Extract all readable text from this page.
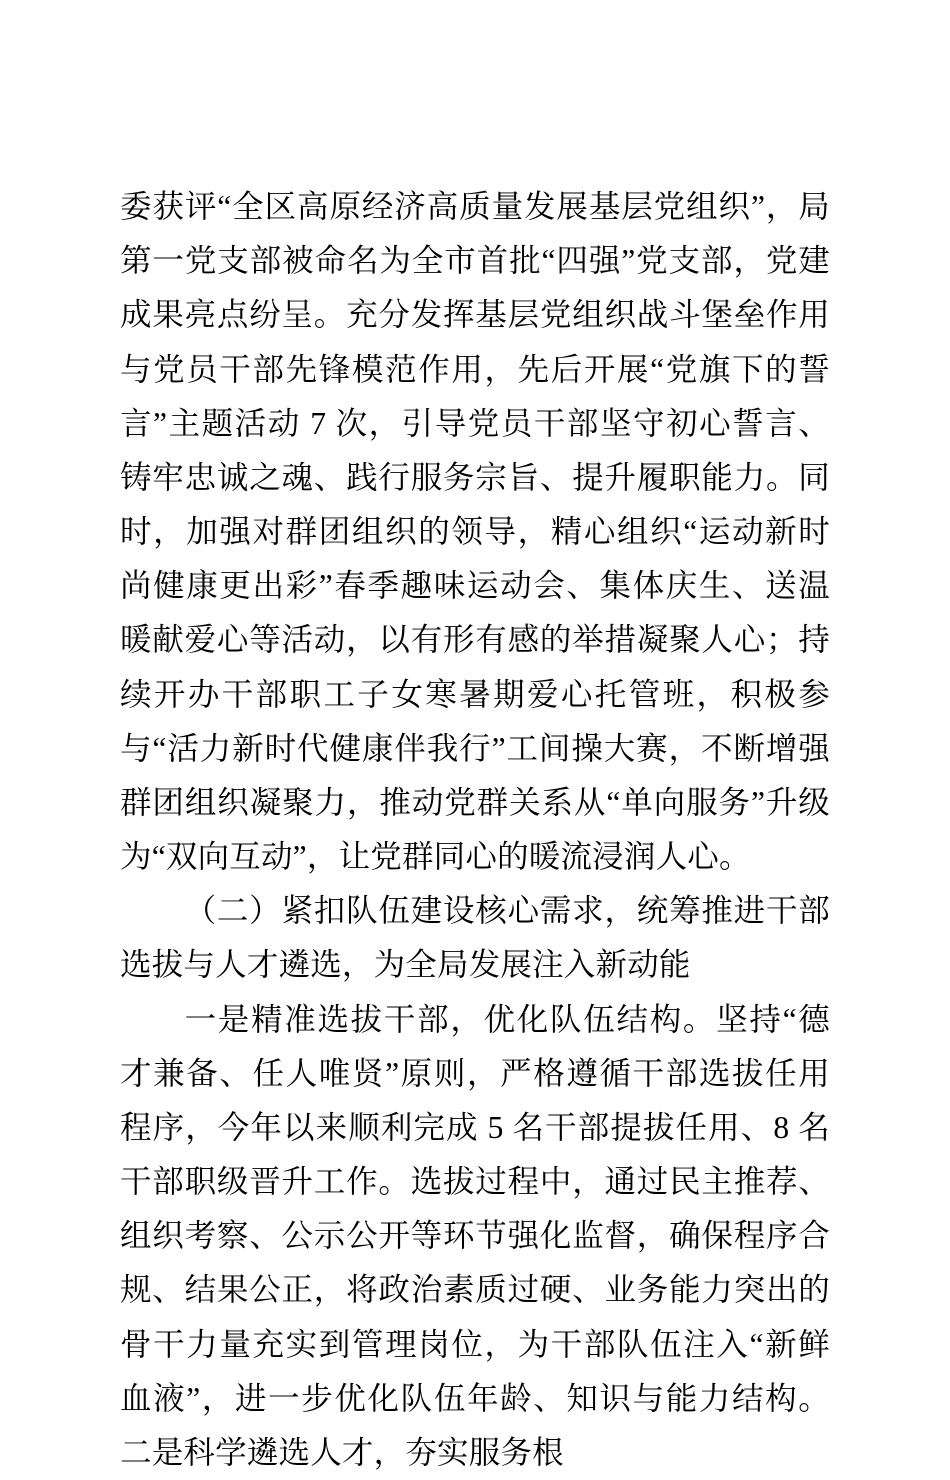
委获评“全区高原经济高质量发展基层党组织”，局第一党支部被命名为全市首批“四强”党支部，党建成果亮点纷呈。充分发挥基层党组织战斗堡垒作用与党员干部先锋模范作用，先后开展“党旗下的誓言”主题活动 7 次，引导党员干部坚守初心誓言、铸牢忠诚之魂、践行服务宗旨、提升履职能力。同时，加强对群团组织的领导，精心组织“运动新时尚健康更出彩”春季趣味运动会、集体庆生、送温暖献爱心等活动，以有形有感的举措凝聚人心；持续开办干部职工子女寒暑期爱心托管班，积极参与“活力新时代健康伴我行”工间操大赛，不断增强群团组织凝聚力，推动党群关系从“单向服务”升级为“双向互动”，让党群同心的暖流浸润人心。

（二）紧扣队伍建设核心需求，统筹推进干部选拔与人才遴选，为全局发展注入新动能

一是精准选拔干部，优化队伍结构。坚持“德才兼备、任人唯贤”原则，严格遵循干部选拔任用程序，今年以来顺利完成 5 名干部提拔任用、8 名干部职级晋升工作。选拔过程中，通过民主推荐、组织考察、公示公开等环节强化监督，确保程序合规、结果公正，将政治素质过硬、业务能力突出的骨干力量充实到管理岗位，为干部队伍注入“新鲜血液”，进一步优化队伍年龄、知识与能力结构。二是科学遴选人才，夯实服务根
